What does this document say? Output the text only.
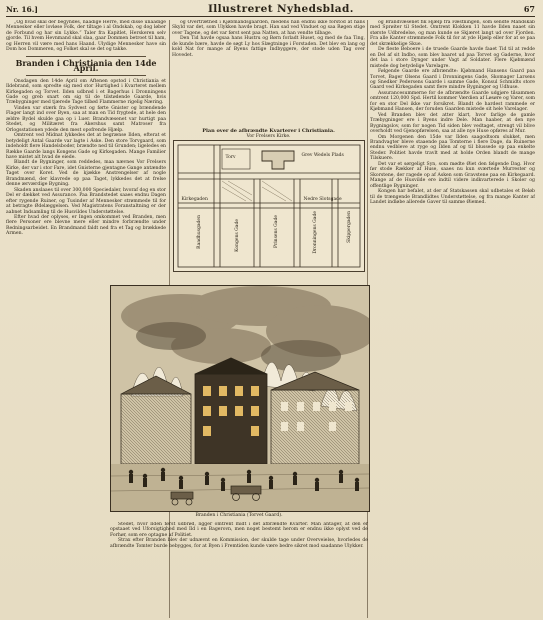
Nr. 16.]	Illustreret Nyhedsblad.	67

„Og hvad skal der begyndes, naadige Herre, med disse unaadige Mennesker eller lovløse Folk, der tiltage i al Ondskab, og dog løber de Forbund og har sin Lykke.“ Taler fra Kapitlet, Herskeren selv gjorde. Til hvem Hevnmand skal slaa, gaar Dommen betroet til ham, og Herren vil være med hans Haand. Ulydige Mennesker have sin Dom hos Dommeren, og Folket skal se det og takke.

Branden i Christiania den 14de April.

Onsdagen den 14de April om Aftenen opstod i Christiania et Ildebrand, som spredte sig med stor Hurtighed i Kvarteret mellem Kirkegaden og Torvet. Ilden udbrød i et Bagerhus i Dronningens Gade og greb snart om sig til de tilstødende Gaarde, hvis Træbygninger med tjærede Tage tilbød Flammerne rigelig Næring.

Vinden var stærk fra Sydvest og førte Gnister og brændende Flager langt ind over Byen, saa at man en Tid frygtede, at hele den ældre Bydel skulde gaa op i Luer. Brandvæsenet var hurtigt paa Stedet, og Militæret fra Akershus samt Matroser fra Orlogsstationen ydede den mest opofrende Hjælp.

Omtrent ved Midnat lykkedes det at begrænse Ilden, efterat et betydeligt Antal Gaarde var lagte i Aske. Den store Torvgaard, som indeholdt flere Handelsboder, brændte ned til Grunden; ligeledes en Række Gaarde langs Kongens Gade og Kirkegaden. Mange Familier have mistet alt hvad de eiede.

Blandt de Bygninger, som reddedes, maa nævnes Vor Frelsers Kirke, der var i stor Fare, idet Gnisterne gjentagne Gange antændte Taget over Koret. Ved de kjække Anstrengelser af nogle Brandmænd, der klavrede op paa Taget, lykkedes det at frelse denne ærværdige Bygning.

Skaden anslaaes til over 300,000 Speciedaler, hvoraf dog en stor Del er dækket ved Assurance. Paa Brandstedet saaes endnu Dagen efter rygende Ruiner, og Tusinder af Mennesker strømmede til for at betragte Ødelæggelsen. Ved Magistratens Foranstaltning er der aabnet Indsamling til de Husvildes Understøttelse.

Efter hvad der oplyses, er Ingen omkommet ved Branden, men flere Personer ere blevne mere eller mindre forbrændte under Redningsarbeidet. En Brandmand faldt ned fra et Tag og brækkede Armen.

og Overtræthed i Kjøbmandsgaarden, medens han endnu ikke forstod at hans Skyld var det, som Ulykken havde bragt. Han sad ved Vinduet og saa Røgen stige over Tagene, og det var først sent paa Natten, at han vendte tilbage.

Den Tid havde ogsaa hans Hustru og Børn forladt Huset, og med de faa Ting, de kunde bære, havde de søgt Ly hos Slægtninge i Forstaden. Det blev en lang og kold Nat for mange af Byens fattige Indbyggere, der stode uden Tag over Hovedet.

Plan over de afbrændte Kvarterer i Christiania.
Vor Frelsers Kirke.
Torv	Grev Wedels Plads
Kirkegaden	Nedre Slotsgade
Kongens Gade	Prinsens Gade	Dronningens Gade	Skippergaden
Raadhusgaden

og Brandvæsenet fik Hjælp fra Fæstningen, som sendte Mandskab med Sprøiter til Stedet. Omtrent Klokken 11 havde Ilden naaet sin største Udbredelse, og man kunde se Skjæret langt ud over Fjorden. Fra alle Kanter strømmede Folk til for at yde Hjælp eller for at se paa det skrækkelige Skue.

De fleste Beboere i de truede Gaarde havde faaet Tid til at redde en Del af sit Indbo, som blev baaret ud paa Torvet og Gaderne, hvor det laa i store Dynger under Vagt af Soldater. Flere Kjøbmænd mistede dog betydelige Varelagre.

Følgende Gaarde ere afbrændte: Kjøbmand Hansens Gaard paa Torvet, Bager Olsens Gaard i Dronningens Gade, Skomager Larsens og Snedker Pedersens Gaarde i samme Gade, Konsul Schmidts store Gaard ved Kirkegaden samt flere mindre Bygninger og Udhuse.

Assurancesummerne for de afbrændte Gaarde udgjøre tilsammen omtrent 120,000 Spd. Hertil kommer Værdien af Løsøre og Varer, som for en stor Del ikke var forsikret. Blandt de hardest rammede er Kjøbmand Hansen, der foruden Gaarden mistede sit hele Varelager.

Ved Branden blev det atter klart, hvor farlige de gamle Træbygninger ere i Byens indre Dele. Man haaber, at den nye Bygningslov, som for nogen Tid siden blev vedtaget, strengt vil blive overholdt ved Gjenopførelsen, saa at alle nye Huse opføres af Mur.

Om Morgenen den 15de var Ilden saagodtsom slukket, men Brandvagter bleve staaende paa Tomterne i flere Dage, da Ruinerne endnu vedbleve at ryge og Ilden af og til blussede op paa enkelte Steder. Politiet havde travlt med at holde Orden blandt de mange Tilskuere.

Det var et sørgeligt Syn, som mødte Øiet den følgende Dag. Hvor før stode Rækker af Huse, saaes nu kun sværtede Murrester og Skorstene, der ragede op af Asken som Gravstene paa en Kirkegaard. Mange af de Husvilde ere indtil videre indkvarterede i Skoler og offentlige Bygninger.

Kongen har befalet, at der af Statskassen skal udbetales et Beløb til de trængende Brandlidtes Understøttelse, og fra mange Kanter af Landet indløbe allerede Gaver til samme Øiemed.

Branden i Christiania (Torvet Gaard).

Stedet, hvor Ilden først udbrød, ligger omtrent midt i det afbrændte Kvarter. Man antager, at den er opstaaet ved Uforsigtighed med Ild i en Bagerovn, men noget bestemt herom er endnu ikke oplyst ved de Forhør, som ere optagne af Politiet.

Strax efter Branden blev der udnævnt en Kommission, der skulde tage under Overveielse, hvorledes de afbrændte Tomter burde bebygges, for at Byen i Fremtiden kunde være bedre sikret mod saadanne Ulykker.
